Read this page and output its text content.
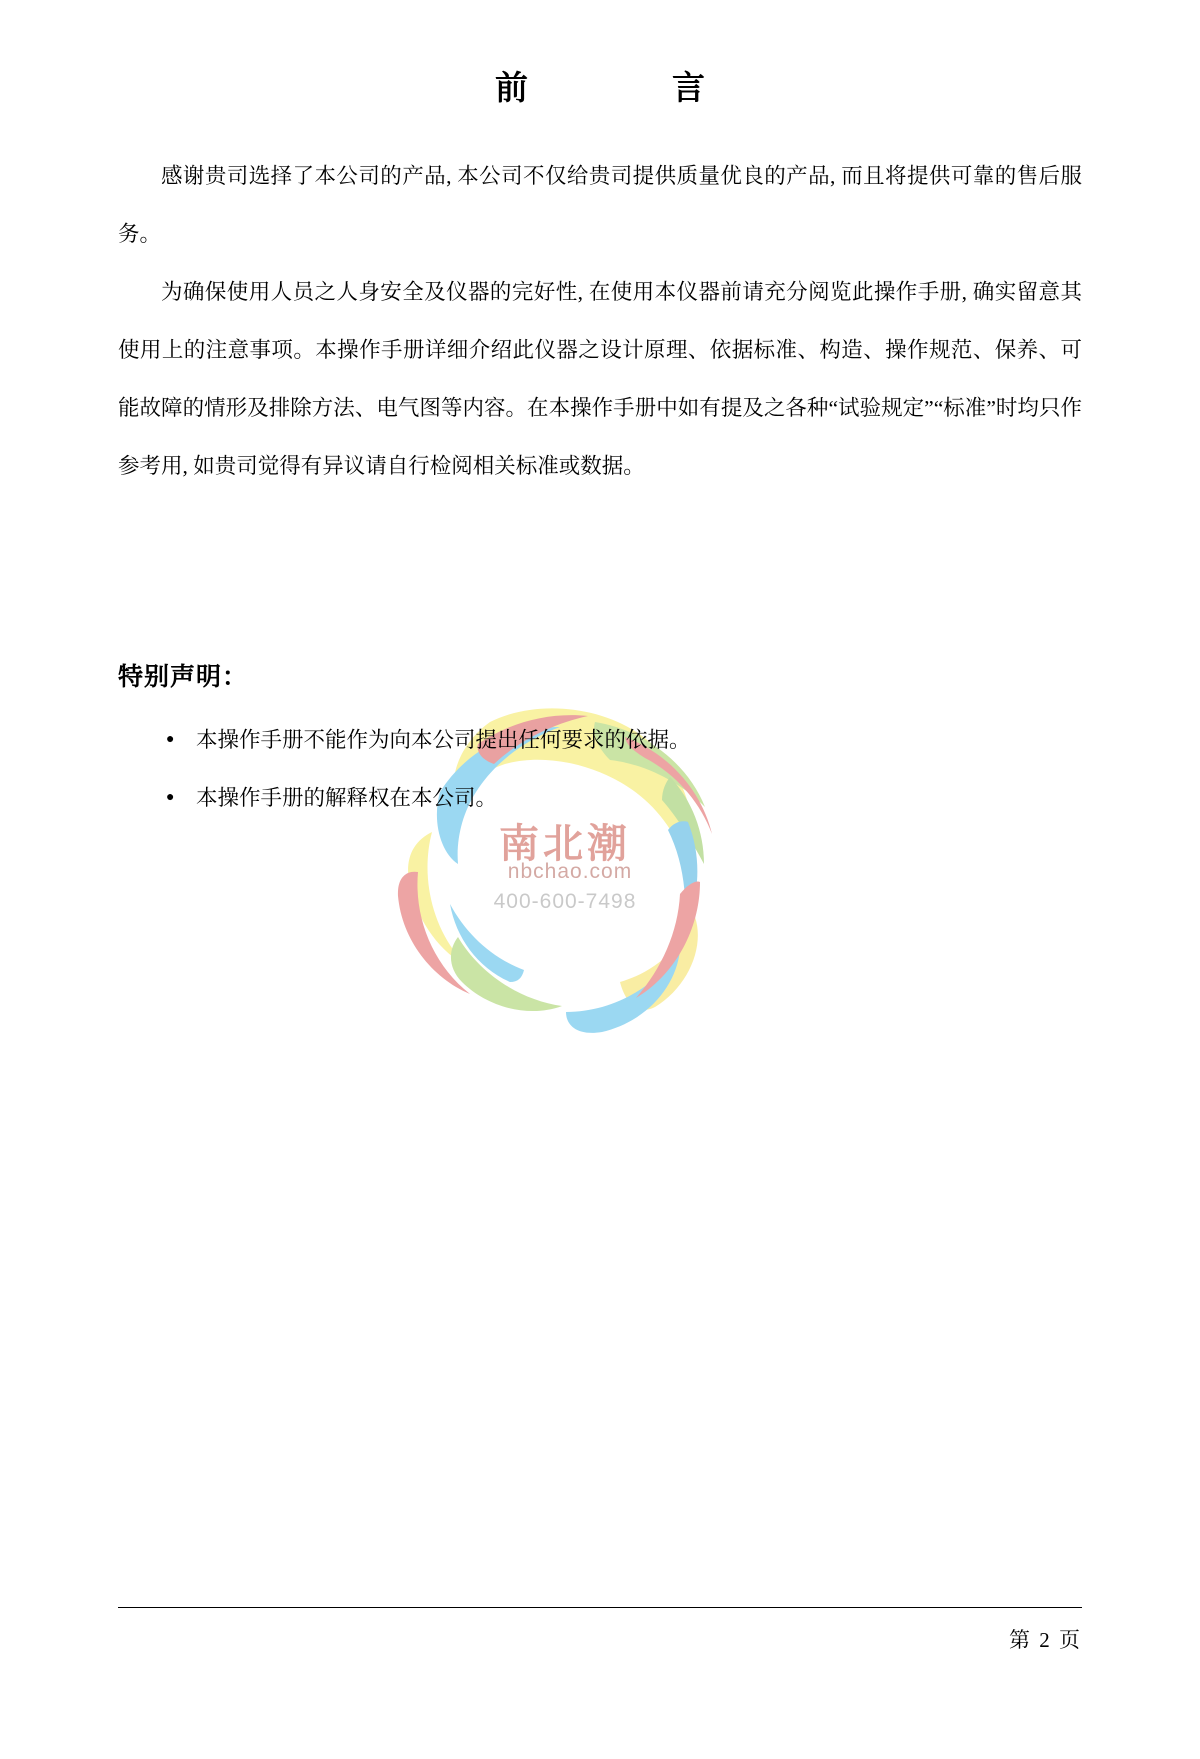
南北潮
nbchao.com
400-600-7498
前　　言

感谢贵司选择了本公司的产品, 本公司不仅给贵司提供质量优良的产品, 而且将提供可靠的售后服务。

为确保使用人员之人身安全及仪器的完好性, 在使用本仪器前请充分阅览此操作手册, 确实留意其使用上的注意事项。本操作手册详细介绍此仪器之设计原理、依据标准、构造、操作规范、保养、可能故障的情形及排除方法、电气图等内容。在本操作手册中如有提及之各种“试验规定”“标准”时均只作参考用, 如贵司觉得有异议请自行检阅相关标准或数据。

特别声明：
● 本操作手册不能作为向本公司提出任何要求的依据。
● 本操作手册的解释权在本公司。
第 2 页
